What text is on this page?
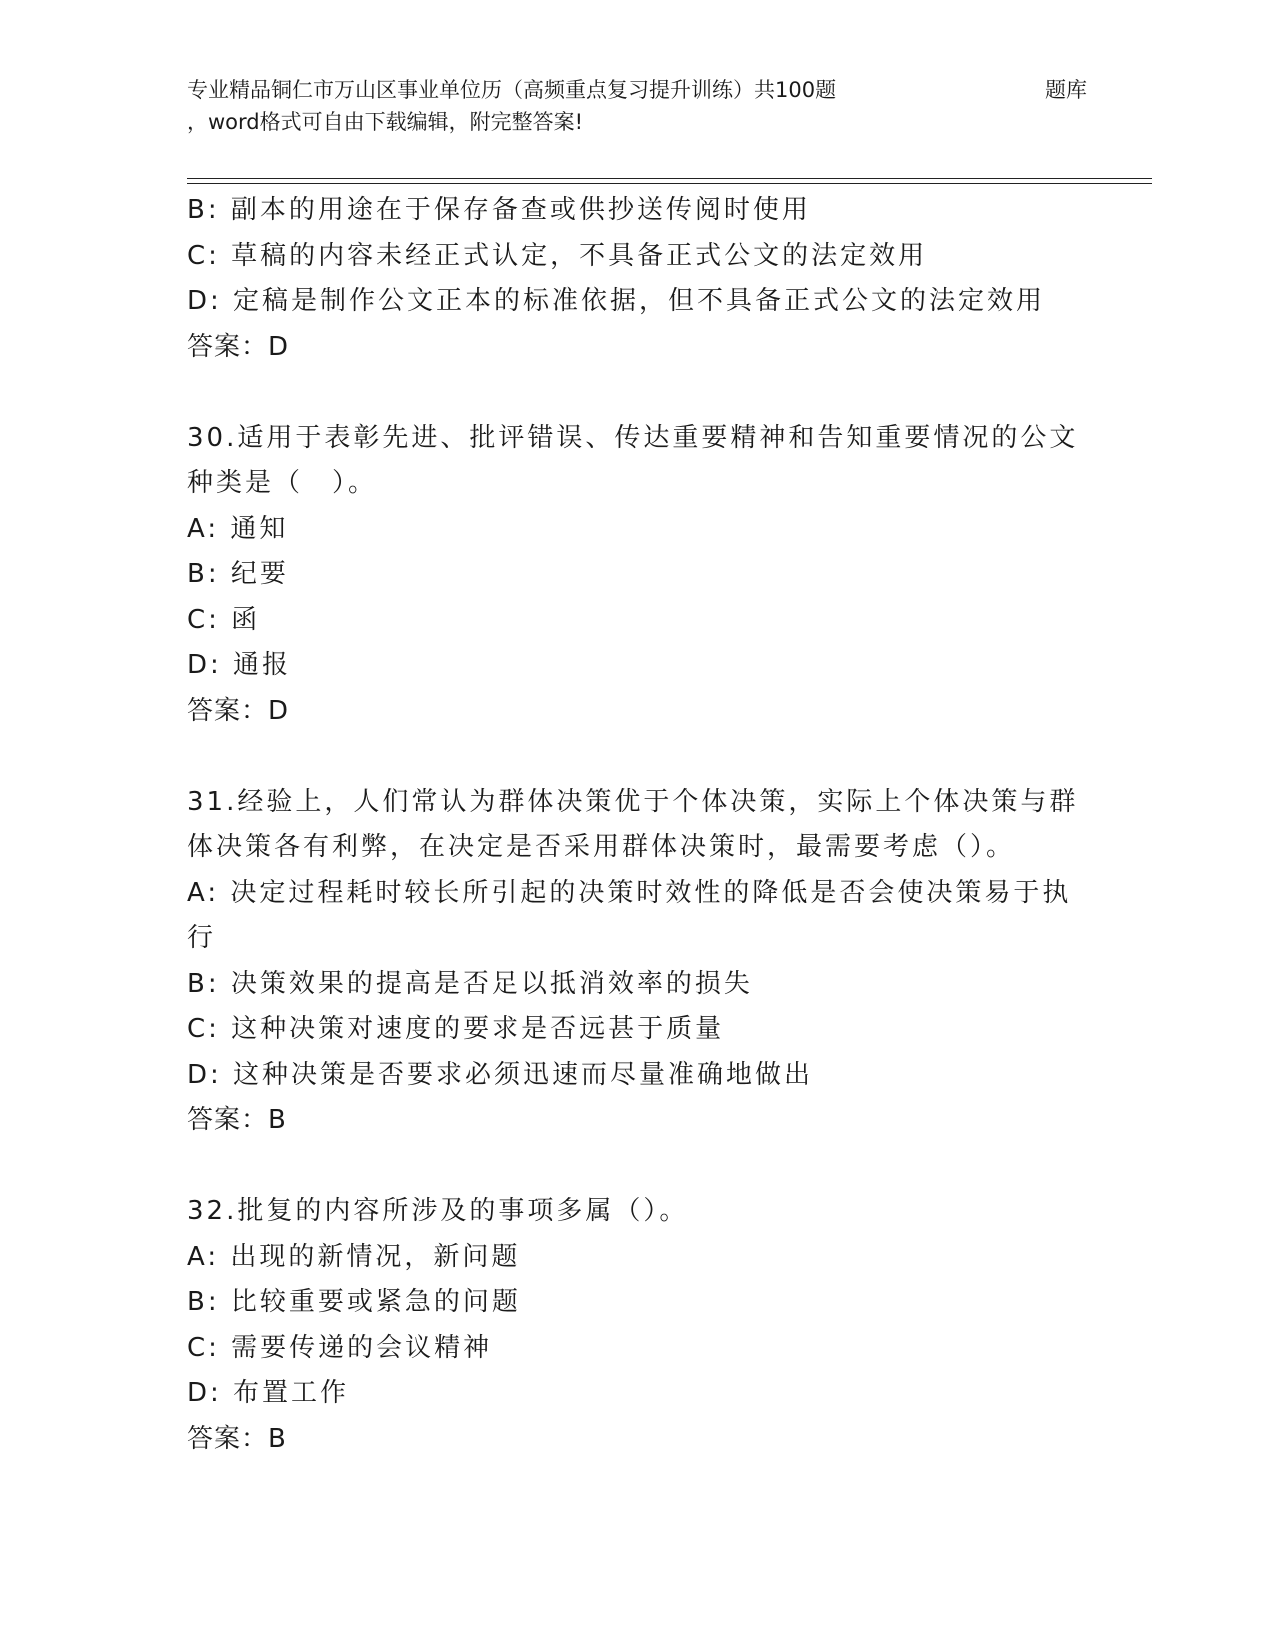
专业精品铜仁市万山区事业单位历（高频重点复习提升训练）共100题	题库
，word格式可自由下载编辑，附完整答案!
B: 副本的用途在于保存备查或供抄送传阅时使用
C: 草稿的内容未经正式认定，不具备正式公文的法定效用
D: 定稿是制作公文正本的标准依据，但不具备正式公文的法定效用
答案：D
30.适用于表彰先进、批评错误、传达重要精神和告知重要情况的公文
种类是（　）。
A: 通知
B: 纪要
C: 函
D: 通报
答案：D
31.经验上，人们常认为群体决策优于个体决策，实际上个体决策与群
体决策各有利弊，在决定是否采用群体决策时，最需要考虑（）。
A: 决定过程耗时较长所引起的决策时效性的降低是否会使决策易于执
行
B: 决策效果的提高是否足以抵消效率的损失
C: 这种决策对速度的要求是否远甚于质量
D: 这种决策是否要求必须迅速而尽量准确地做出
答案：B
32.批复的内容所涉及的事项多属（）。
A: 出现的新情况，新问题
B: 比较重要或紧急的问题
C: 需要传递的会议精神
D: 布置工作
答案：B
